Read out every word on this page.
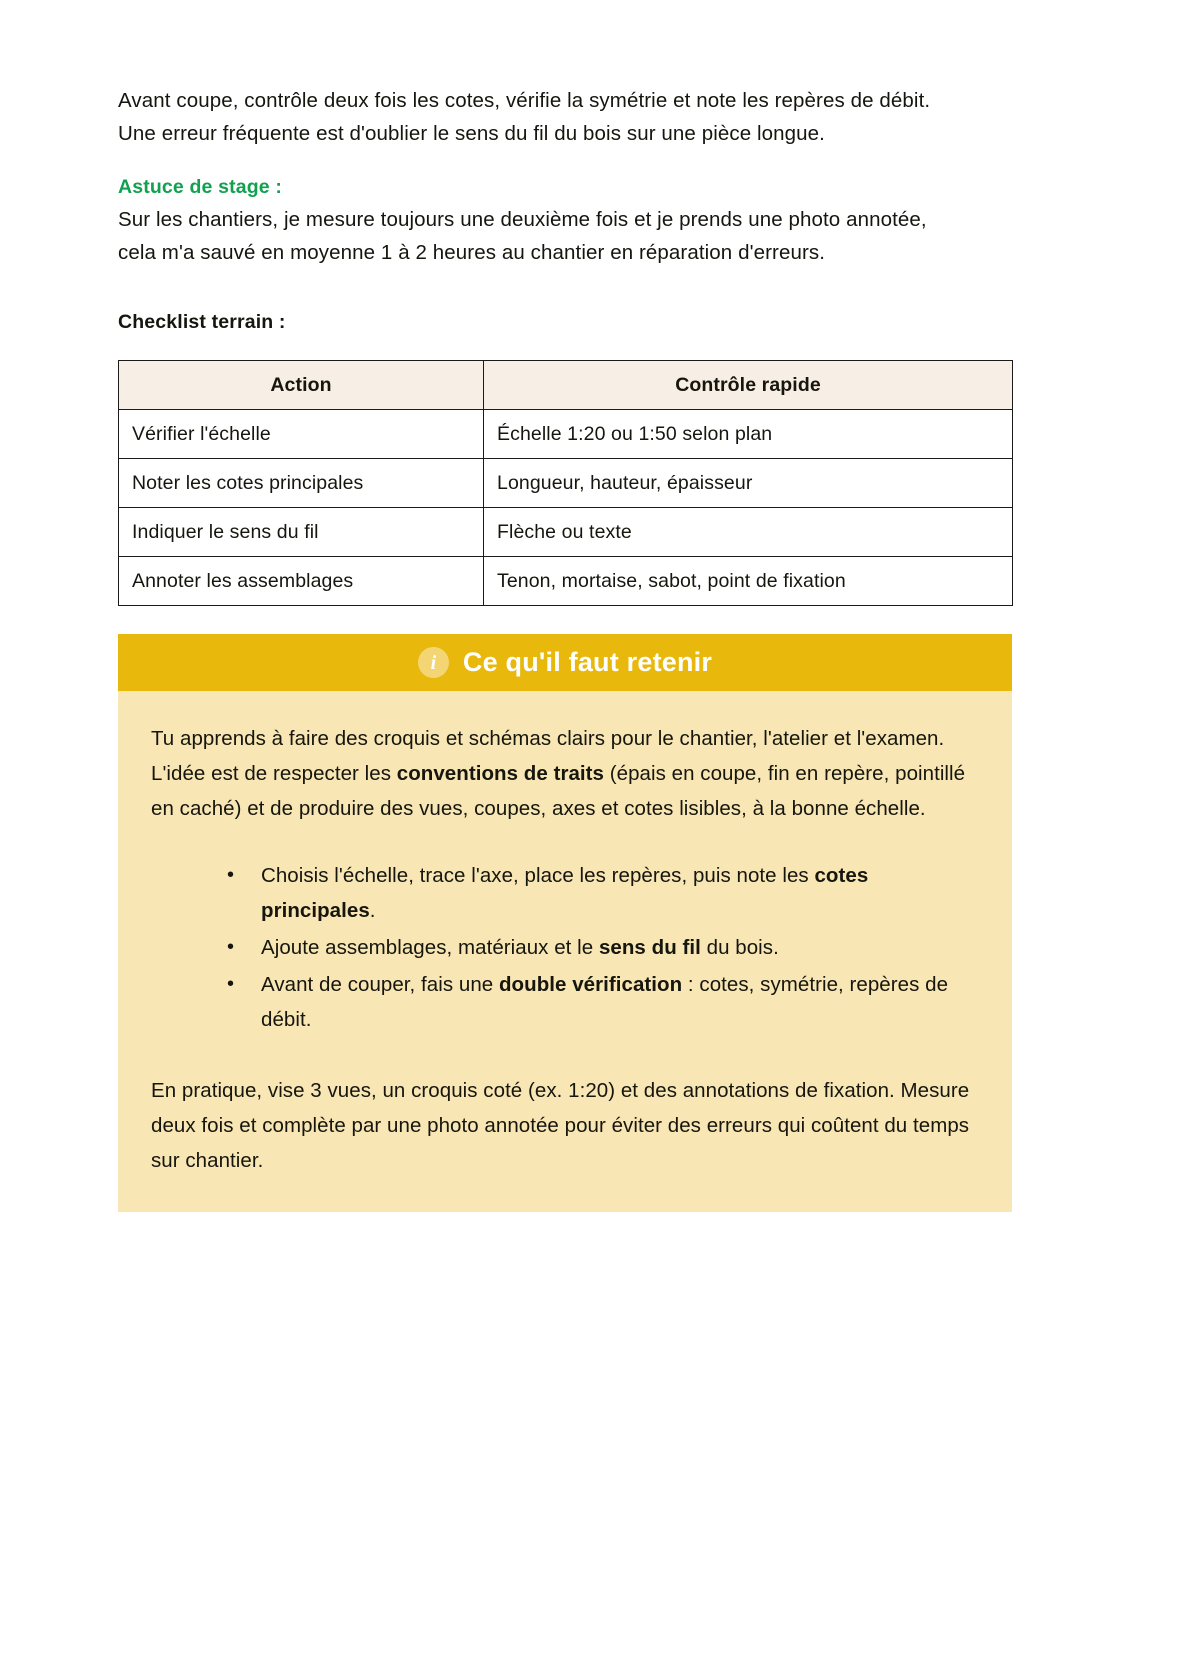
Avant coupe, contrôle deux fois les cotes, vérifie la symétrie et note les repères de débit.
Une erreur fréquente est d'oublier le sens du fil du bois sur une pièce longue.

Astuce de stage :

Sur les chantiers, je mesure toujours une deuxième fois et je prends une photo annotée,
cela m'a sauvé en moyenne 1 à 2 heures au chantier en réparation d'erreurs.

Checklist terrain :
Action	Contrôle rapide
Vérifier l'échelle	Échelle 1:20 ou 1:50 selon plan
Noter les cotes principales	Longueur, hauteur, épaisseur
Indiquer le sens du fil	Flèche ou texte
Annoter les assemblages	Tenon, mortaise, sabot, point de fixation
i Ce qu'il faut retenir

Tu apprends à faire des croquis et schémas clairs pour le chantier, l'atelier et l'examen. L'idée est de respecter les conventions de traits (épais en coupe, fin en repère, pointillé en caché) et de produire des vues, coupes, axes et cotes lisibles, à la bonne échelle.

• Choisis l'échelle, trace l'axe, place les repères, puis note les cotes principales.
• Ajoute assemblages, matériaux et le sens du fil du bois.
• Avant de couper, fais une double vérification : cotes, symétrie, repères de débit.

En pratique, vise 3 vues, un croquis coté (ex. 1:20) et des annotations de fixation. Mesure deux fois et complète par une photo annotée pour éviter des erreurs qui coûtent du temps sur chantier.
